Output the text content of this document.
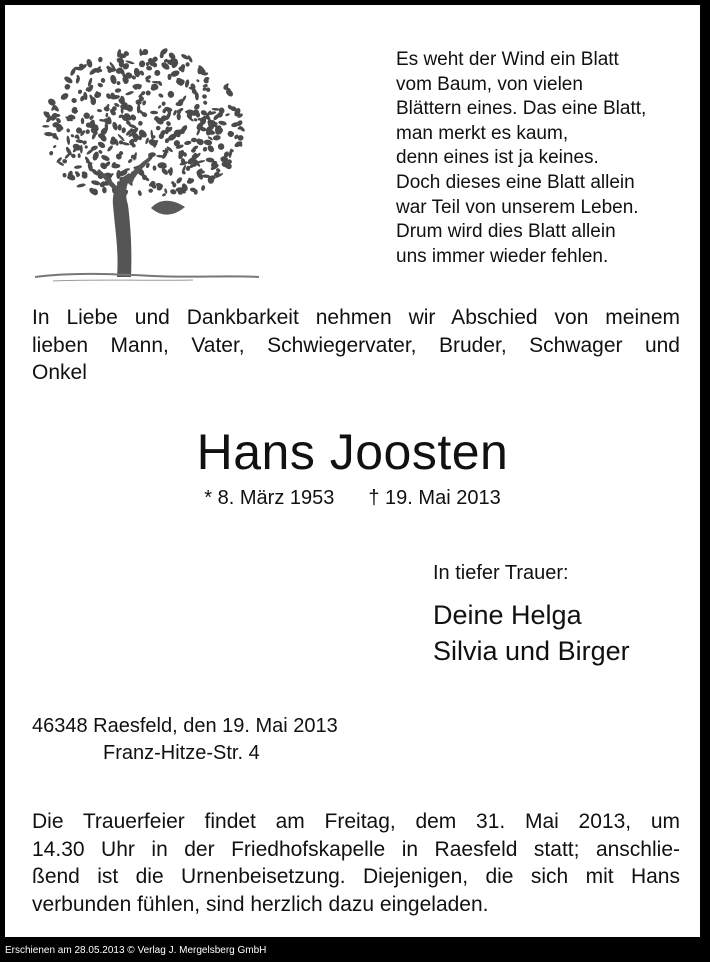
Es weht der Wind ein Blatt
vom Baum, von vielen
Blättern eines. Das eine Blatt,
man merkt es kaum,
denn eines ist ja keines.
Doch dieses eine Blatt allein
war Teil von unserem Leben.
Drum wird dies Blatt allein
uns immer wieder fehlen.
In Liebe und Dankbarkeit nehmen wir Abschied von meinem
lieben Mann, Vater, Schwiegervater, Bruder, Schwager und
Onkel
Hans Joosten
* 8. März 1953 † 19. Mai 2013
In tiefer Trauer:
Deine Helga
Silvia und Birger
46348 Raesfeld, den 19. Mai 2013
Franz-Hitze-Str. 4
Die Trauerfeier findet am Freitag, dem 31. Mai 2013, um
14.30 Uhr in der Friedhofskapelle in Raesfeld statt; anschlie-
ßend ist die Urnenbeisetzung. Diejenigen, die sich mit Hans
verbunden fühlen, sind herzlich dazu eingeladen.
Erschienen am 28.05.2013 © Verlag J. Mergelsberg GmbH
